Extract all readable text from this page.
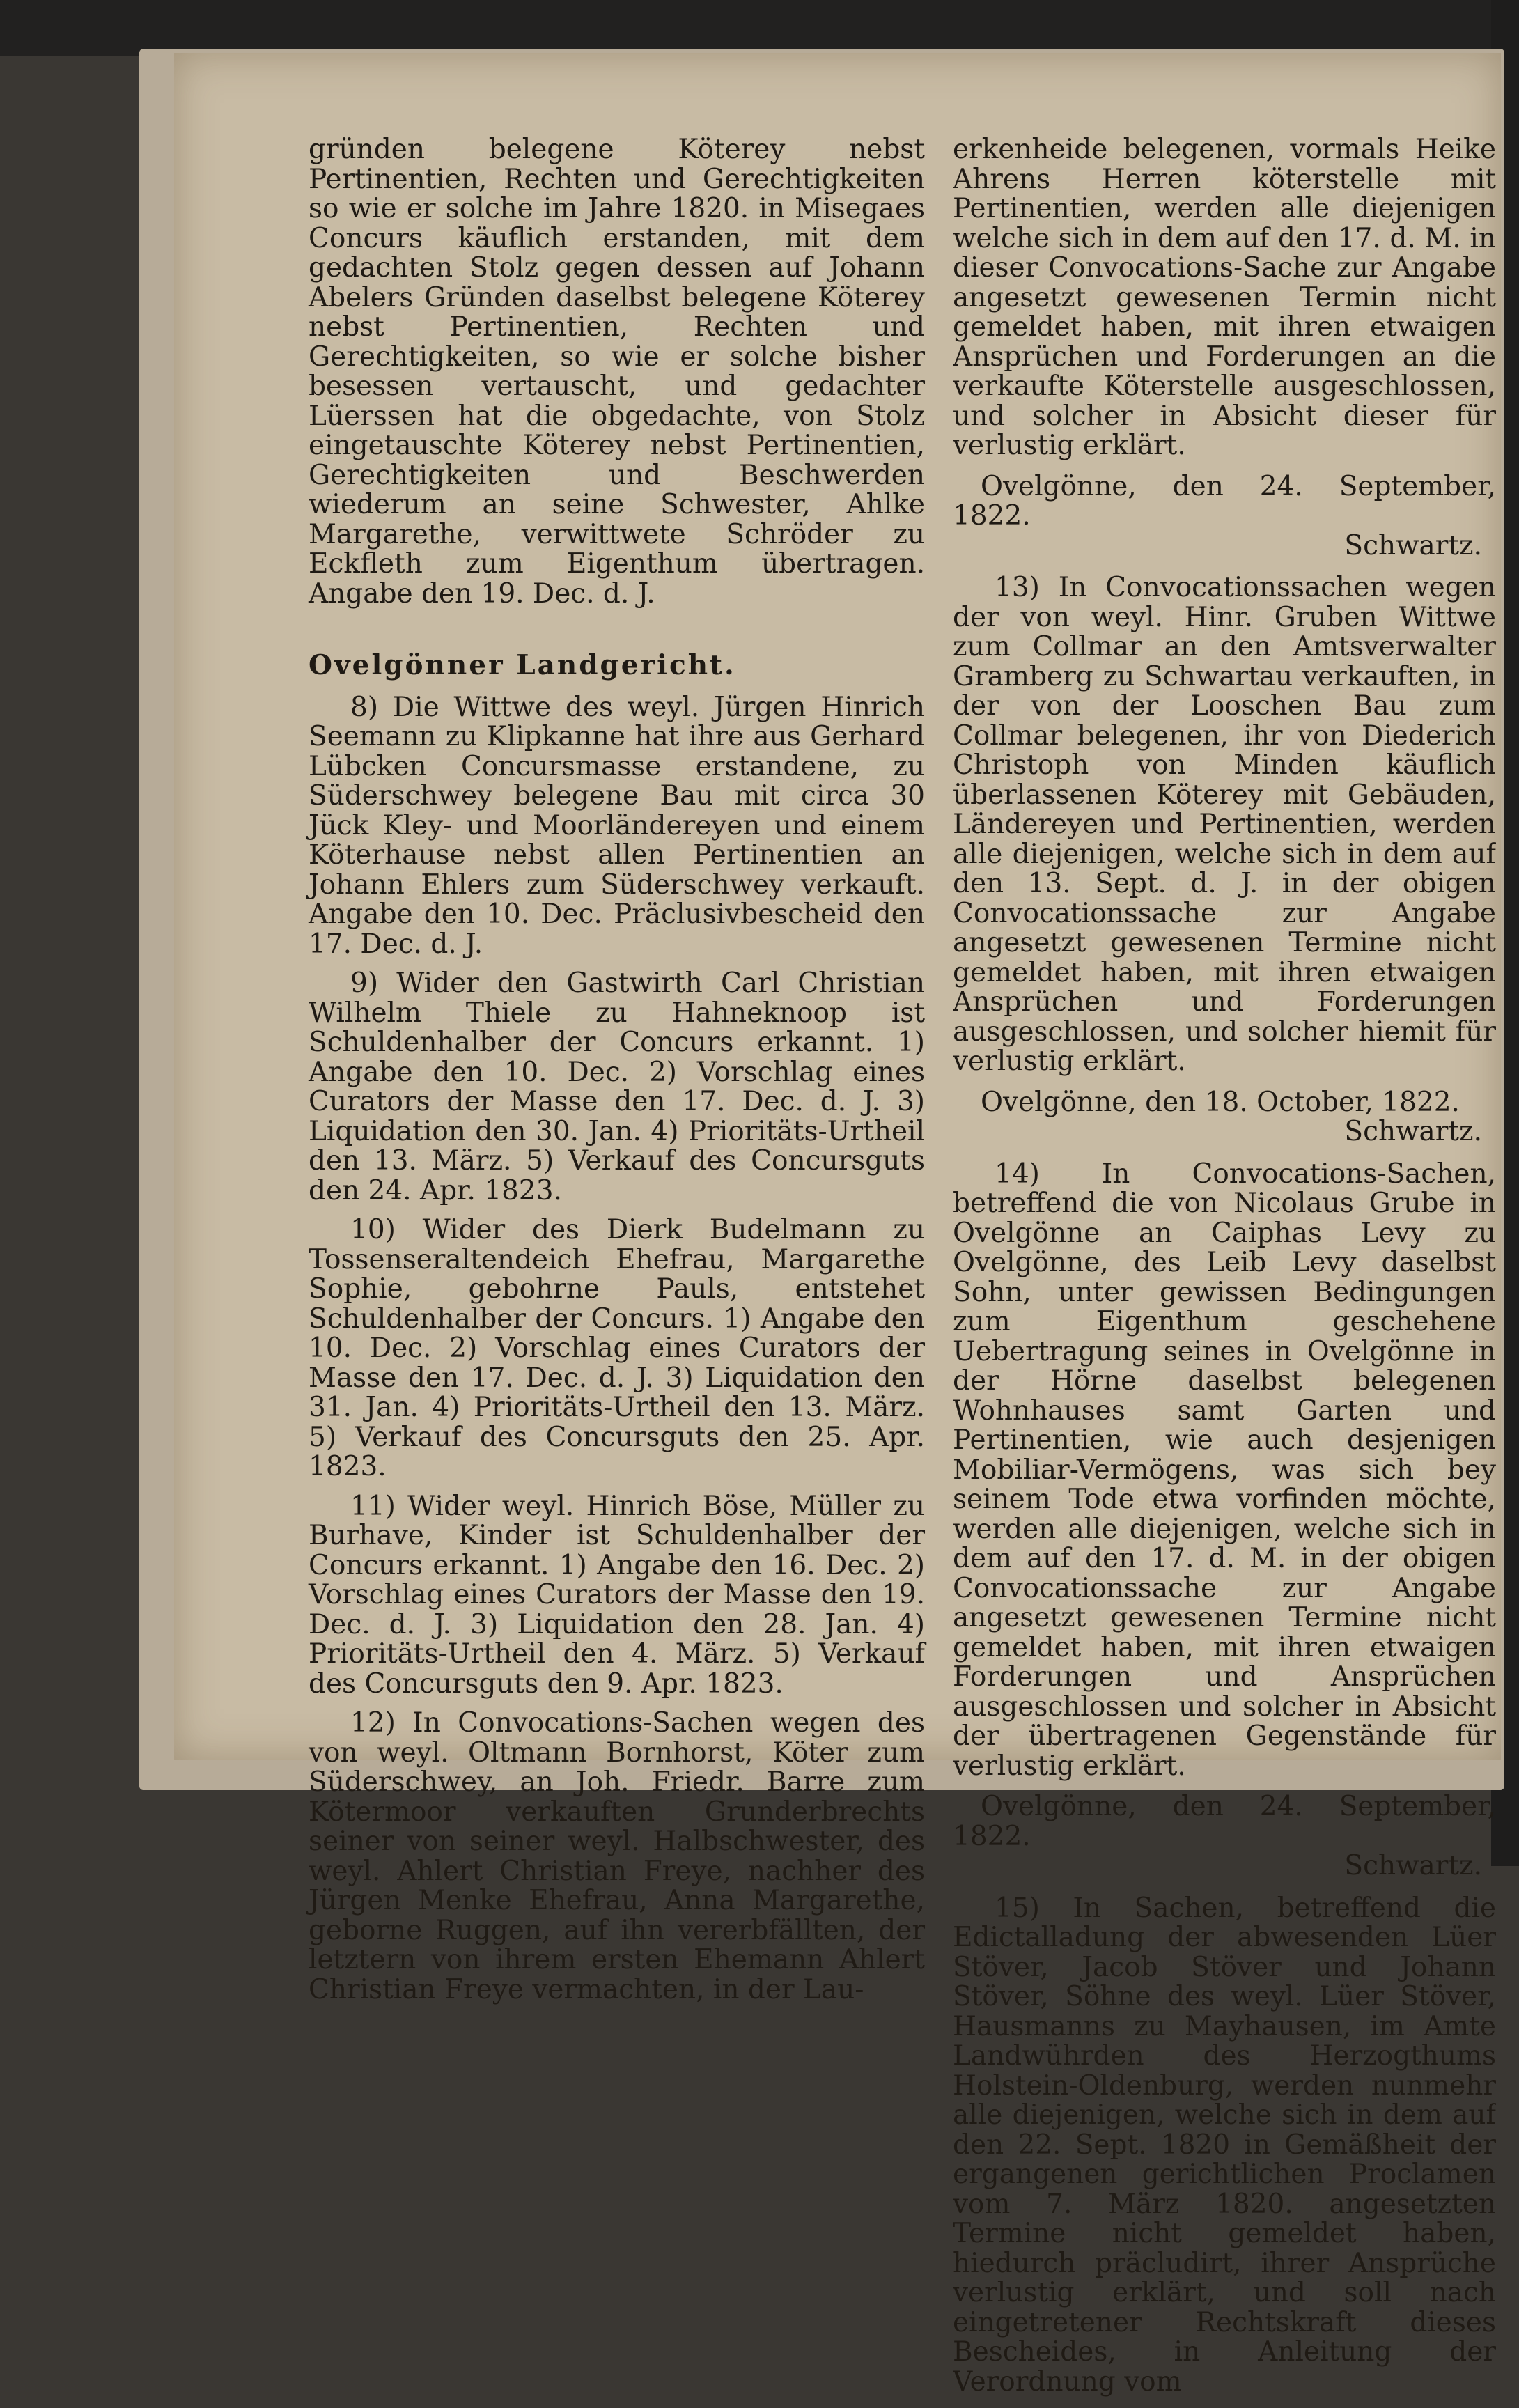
gründen belegene Köterey nebst Pertinentien, Rechten und Gerechtigkeiten so wie er solche im Jahre 1820. in Misegaes Concurs käuflich erstanden, mit dem gedachten Stolz gegen dessen auf Johann Abelers Gründen daselbst belegene Köterey nebst Pertinentien, Rechten und Gerechtigkeiten, so wie er solche bisher besessen vertauscht, und gedachter Lüerssen hat die obgedachte, von Stolz eingetauschte Köterey nebst Pertinentien, Gerechtigkeiten und Beschwerden wiederum an seine Schwester, Ahlke Margarethe, verwittwete Schröder zu Eckfleth zum Eigenthum übertragen. Angabe den 19. Dec. d. J.

Ovelgönner Landgericht.

8) Die Wittwe des weyl. Jürgen Hinrich Seemann zu Klipkanne hat ihre aus Gerhard Lübcken Concursmasse erstandene, zu Süderschwey belegene Bau mit circa 30 Jück Kley- und Moorländereyen und einem Köterhause nebst allen Pertinentien an Johann Ehlers zum Süderschwey verkauft. Angabe den 10. Dec. Präclusivbescheid den 17. Dec. d. J.

9) Wider den Gastwirth Carl Christian Wilhelm Thiele zu Hahneknoop ist Schuldenhalber der Concurs erkannt. 1) Angabe den 10. Dec. 2) Vorschlag eines Curators der Masse den 17. Dec. d. J. 3) Liquidation den 30. Jan. 4) Prioritäts-Urtheil den 13. März. 5) Verkauf des Concursguts den 24. Apr. 1823.

10) Wider des Dierk Budelmann zu Tossenseraltendeich Ehefrau, Margarethe Sophie, gebohrne Pauls, entstehet Schuldenhalber der Concurs. 1) Angabe den 10. Dec. 2) Vorschlag eines Curators der Masse den 17. Dec. d. J. 3) Liquidation den 31. Jan. 4) Prioritäts-Urtheil den 13. März. 5) Verkauf des Concursguts den 25. Apr. 1823.

11) Wider weyl. Hinrich Böse, Müller zu Burhave, Kinder ist Schuldenhalber der Concurs erkannt. 1) Angabe den 16. Dec. 2) Vorschlag eines Curators der Masse den 19. Dec. d. J. 3) Liquidation den 28. Jan. 4) Prioritäts-Urtheil den 4. März. 5) Verkauf des Concursguts den 9. Apr. 1823.

12) In Convocations-Sachen wegen des von weyl. Oltmann Bornhorst, Köter zum Süderschwey, an Joh. Friedr. Barre zum Kötermoor verkauften Grunderbrechts seiner von seiner weyl. Halbschwester, des weyl. Ahlert Christian Freye, nachher des Jürgen Menke Ehefrau, Anna Margarethe, geborne Ruggen, auf ihn vererbfällten, der letztern von ihrem ersten Ehemann Ahlert Christian Freye vermachten, in der Lau-

erkenheide belegenen, vormals Heike Ahrens Herren köterstelle mit Pertinentien, werden alle diejenigen welche sich in dem auf den 17. d. M. in dieser Convocations-Sache zur Angabe angesetzt gewesenen Termin nicht gemeldet haben, mit ihren etwaigen Ansprüchen und Forderungen an die verkaufte Köterstelle ausgeschlossen, und solcher in Absicht dieser für verlustig erklärt.

Ovelgönne, den 24. September, 1822.

Schwartz.

13) In Convocationssachen wegen der von weyl. Hinr. Gruben Wittwe zum Collmar an den Amtsverwalter Gramberg zu Schwartau verkauften, in der von der Looschen Bau zum Collmar belegenen, ihr von Diederich Christoph von Minden käuflich überlassenen Köterey mit Gebäuden, Ländereyen und Pertinentien, werden alle diejenigen, welche sich in dem auf den 13. Sept. d. J. in der obigen Convocationssache zur Angabe angesetzt gewesenen Termine nicht gemeldet haben, mit ihren etwaigen Ansprüchen und Forderungen ausgeschlossen, und solcher hiemit für verlustig erklärt.

Ovelgönne, den 18. October, 1822.

Schwartz.

14) In Convocations-Sachen, betreffend die von Nicolaus Grube in Ovelgönne an Caiphas Levy zu Ovelgönne, des Leib Levy daselbst Sohn, unter gewissen Bedingungen zum Eigenthum geschehene Uebertragung seines in Ovelgönne in der Hörne daselbst belegenen Wohnhauses samt Garten und Pertinentien, wie auch desjenigen Mobiliar-Vermögens, was sich bey seinem Tode etwa vorfinden möchte, werden alle diejenigen, welche sich in dem auf den 17. d. M. in der obigen Convocationssache zur Angabe angesetzt gewesenen Termine nicht gemeldet haben, mit ihren etwaigen Forderungen und Ansprüchen ausgeschlossen und solcher in Absicht der übertragenen Gegenstände für verlustig erklärt.

Ovelgönne, den 24. September, 1822.

Schwartz.

15) In Sachen, betreffend die Edictalladung der abwesenden Lüer Stöver, Jacob Stöver und Johann Stöver, Söhne des weyl. Lüer Stöver, Hausmanns zu Mayhausen, im Amte Landwührden des Herzogthums Holstein-Oldenburg, werden nunmehr alle diejenigen, welche sich in dem auf den 22. Sept. 1820 in Gemäßheit der ergangenen gerichtlichen Proclamen vom 7. März 1820. angesetzten Termine nicht gemeldet haben, hiedurch präcludirt, ihrer Ansprüche verlustig erklärt, und soll nach eingetretener Rechtskraft dieses Bescheides, in Anleitung der Verordnung vom
